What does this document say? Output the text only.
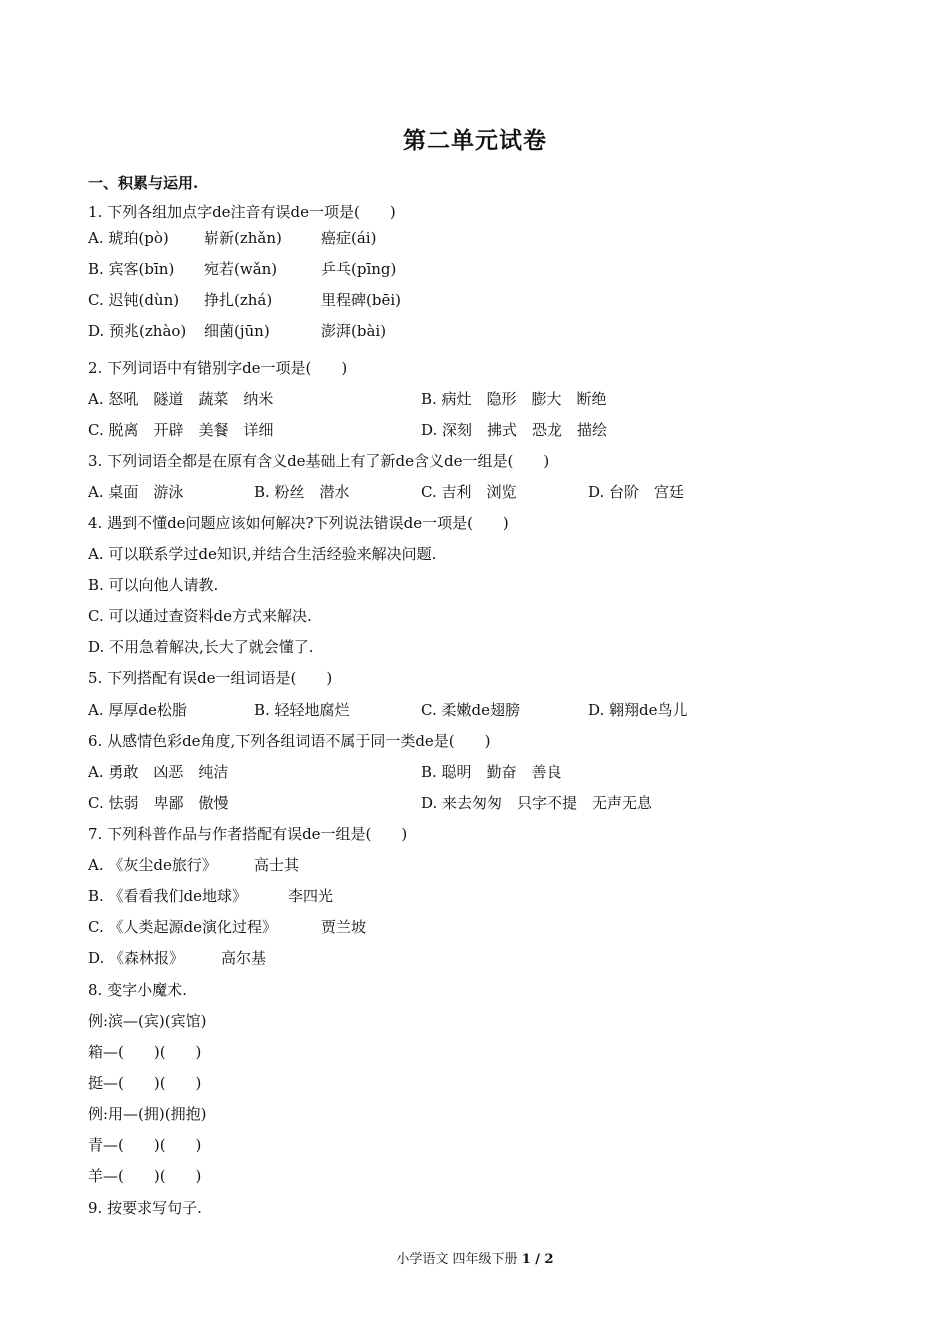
第二单元试卷
一、积累与运用.
1. 下列各组加点字de注音有误de一项是(　　)
A. 琥珀(pò) 崭新(zhǎn)	癌症(ái)
B. 宾客(bīn) 宛若(wǎn)	乒乓(pīng)
C. 迟钝(dùn) 挣扎(zhá)	里程碑(bēi)
D. 预兆(zhào) 细菌(jūn)	澎湃(bài)
2. 下列词语中有错别字de一项是(　　)
A. 怒吼　隧道　蔬菜　纳米	B. 病灶　隐形　膨大　断绝
C. 脱离　开辟　美餐　详细	D. 深刻　拂式　恐龙　描绘
3. 下列词语全都是在原有含义de基础上有了新de含义de一组是(　　)
A. 桌面　游泳	B. 粉丝　潜水	C. 吉利　浏览	D. 台阶　宫廷
4. 遇到不懂de问题应该如何解决?下列说法错误de一项是(　　)
A. 可以联系学过de知识,并结合生活经验来解决问题.
B. 可以向他人请教.
C. 可以通过查资料de方式来解决.
D. 不用急着解决,长大了就会懂了.
5. 下列搭配有误de一组词语是(　　)
A. 厚厚de松脂	B. 轻轻地腐烂	C. 柔嫩de翅膀	D. 翱翔de鸟儿
6. 从感情色彩de角度,下列各组词语不属于同一类de是(　　)
A. 勇敢　凶恶　纯洁	B. 聪明　勤奋　善良
C. 怯弱　卑鄙　傲慢	D. 来去匆匆　只字不提　无声无息
7. 下列科普作品与作者搭配有误de一组是(　　)
A. 《灰尘de旅行》 高士其
B. 《看看我们de地球》	李四光
C. 《人类起源de演化过程》	贾兰坡
D. 《森林报》 高尔基
8. 变字小魔术.
例:滨—(宾)(宾馆)
箱—(　　)(　　)
挺—(　　)(　　)
例:用—(拥)(拥抱)
青—(　　)(　　)
羊—(　　)(　　)
9. 按要求写句子.
小学语文 四年级下册 1 / 2
